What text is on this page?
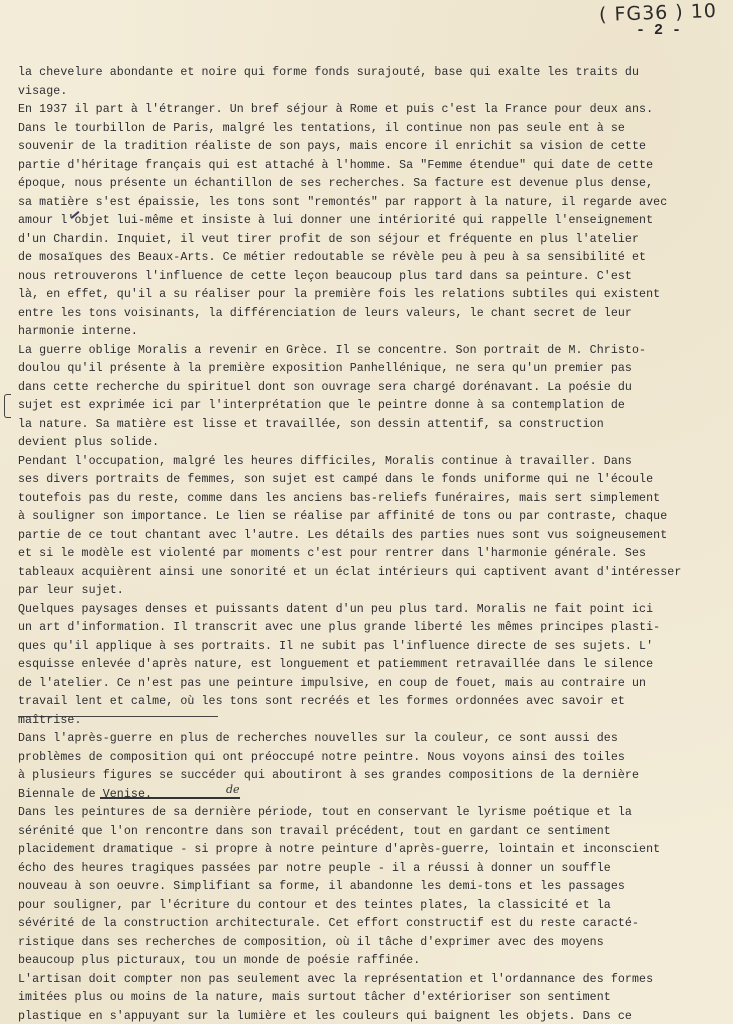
( FG36 ) 10
- 2 -
de
la chevelure abondante et noire qui forme fonds surajouté, base qui exalte les traits du
visage.
En 1937 il part à l'étranger. Un bref séjour à Rome et puis c'est la France pour deux ans.
Dans le tourbillon de Paris, malgré les tentations, il continue non pas seule ent à se
souvenir de la tradition réaliste de son pays, mais encore il enrichit sa vision de cette
partie d'héritage français qui est attaché à l'homme. Sa "Femme étendue" qui date de cette
époque, nous présente un échantillon de ses recherches. Sa facture est devenue plus dense,
sa matière s'est épaissie, les tons sont "remontés" par rapport à la nature, il regarde avec
amour l'objet lui-même et insiste à lui donner une intériorité qui rappelle l'enseignement
d'un Chardin. Inquiet, il veut tirer profit de son séjour et fréquente en plus l'atelier
de mosaïques des Beaux-Arts. Ce métier redoutable se révèle peu à peu à sa sensibilité et
nous retrouverons l'influence de cette leçon beaucoup plus tard dans sa peinture. C'est
là, en effet, qu'il a su réaliser pour la première fois les relations subtiles qui existent
entre les tons voisinants, la différenciation de leurs valeurs, le chant secret de leur
harmonie interne.
La guerre oblige Moralis a revenir en Grèce. Il se concentre. Son portrait de M. Christo-
doulou qu'il présente à la première exposition Panhellénique, ne sera qu'un premier pas
dans cette recherche du spirituel dont son ouvrage sera chargé dorénavant. La poésie du
sujet est exprimée ici par l'interprétation que le peintre donne à sa contemplation de
la nature. Sa matière est lisse et travaillée, son dessin attentif, sa construction
devient plus solide.
Pendant l'occupation, malgré les heures difficiles, Moralis continue à travailler. Dans
ses divers portraits de femmes, son sujet est campé dans le fonds uniforme qui ne l'écoule
toutefois pas du reste, comme dans les anciens bas-reliefs funéraires, mais sert simplement
à souligner son importance. Le lien se réalise par affinité de tons ou par contraste, chaque
partie de ce tout chantant avec l'autre. Les détails des parties nues sont vus soigneusement
et si le modèle est violenté par moments c'est pour rentrer dans l'harmonie générale. Ses
tableaux acquièrent ainsi une sonorité et un éclat intérieurs qui captivent avant d'intéresser
par leur sujet.
Quelques paysages denses et puissants datent d'un peu plus tard. Moralis ne fait point ici
un art d'information. Il transcrit avec une plus grande liberté les mêmes principes plasti-
ques qu'il applique à ses portraits. Il ne subit pas l'influence directe de ses sujets. L'
esquisse enlevée d'après nature, est longuement et patiemment retravaillée dans le silence
de l'atelier. Ce n'est pas une peinture impulsive, en coup de fouet, mais au contraire un
travail lent et calme, où les tons sont recréés et les formes ordonnées avec savoir et
maîtrise.
Dans l'après-guerre en plus de recherches nouvelles sur la couleur, ce sont aussi des
problèmes de composition qui ont préoccupé notre peintre. Nous voyons ainsi des toiles
à plusieurs figures se succéder qui aboutiront à ses grandes compositions de la dernière
Biennale de Venise.
Dans les peintures de sa dernière période, tout en conservant le lyrisme poétique et la
sérénité que l'on rencontre dans son travail précédent, tout en gardant ce sentiment
placidement dramatique - si propre à notre peinture d'après-guerre, lointain et inconscient
écho des heures tragiques passées par notre peuple - il a réussi à donner un souffle
nouveau à son oeuvre. Simplifiant sa forme, il abandonne les demi-tons et les passages
pour souligner, par l'écriture du contour et des teintes plates, la classicité et la
sévérité de la construction architecturale. Cet effort constructif est du reste caracté-
ristique dans ses recherches de composition, où il tâche d'exprimer avec des moyens
beaucoup plus picturaux, tou un monde de poésie raffinée.
L'artisan doit compter non pas seulement avec la représentation et l'ordannance des formes
imitées plus ou moins de la nature, mais surtout tâcher d'extérioriser son sentiment
plastique en s'appuyant sur la lumière et les couleurs qui baignent les objets. Dans ce
